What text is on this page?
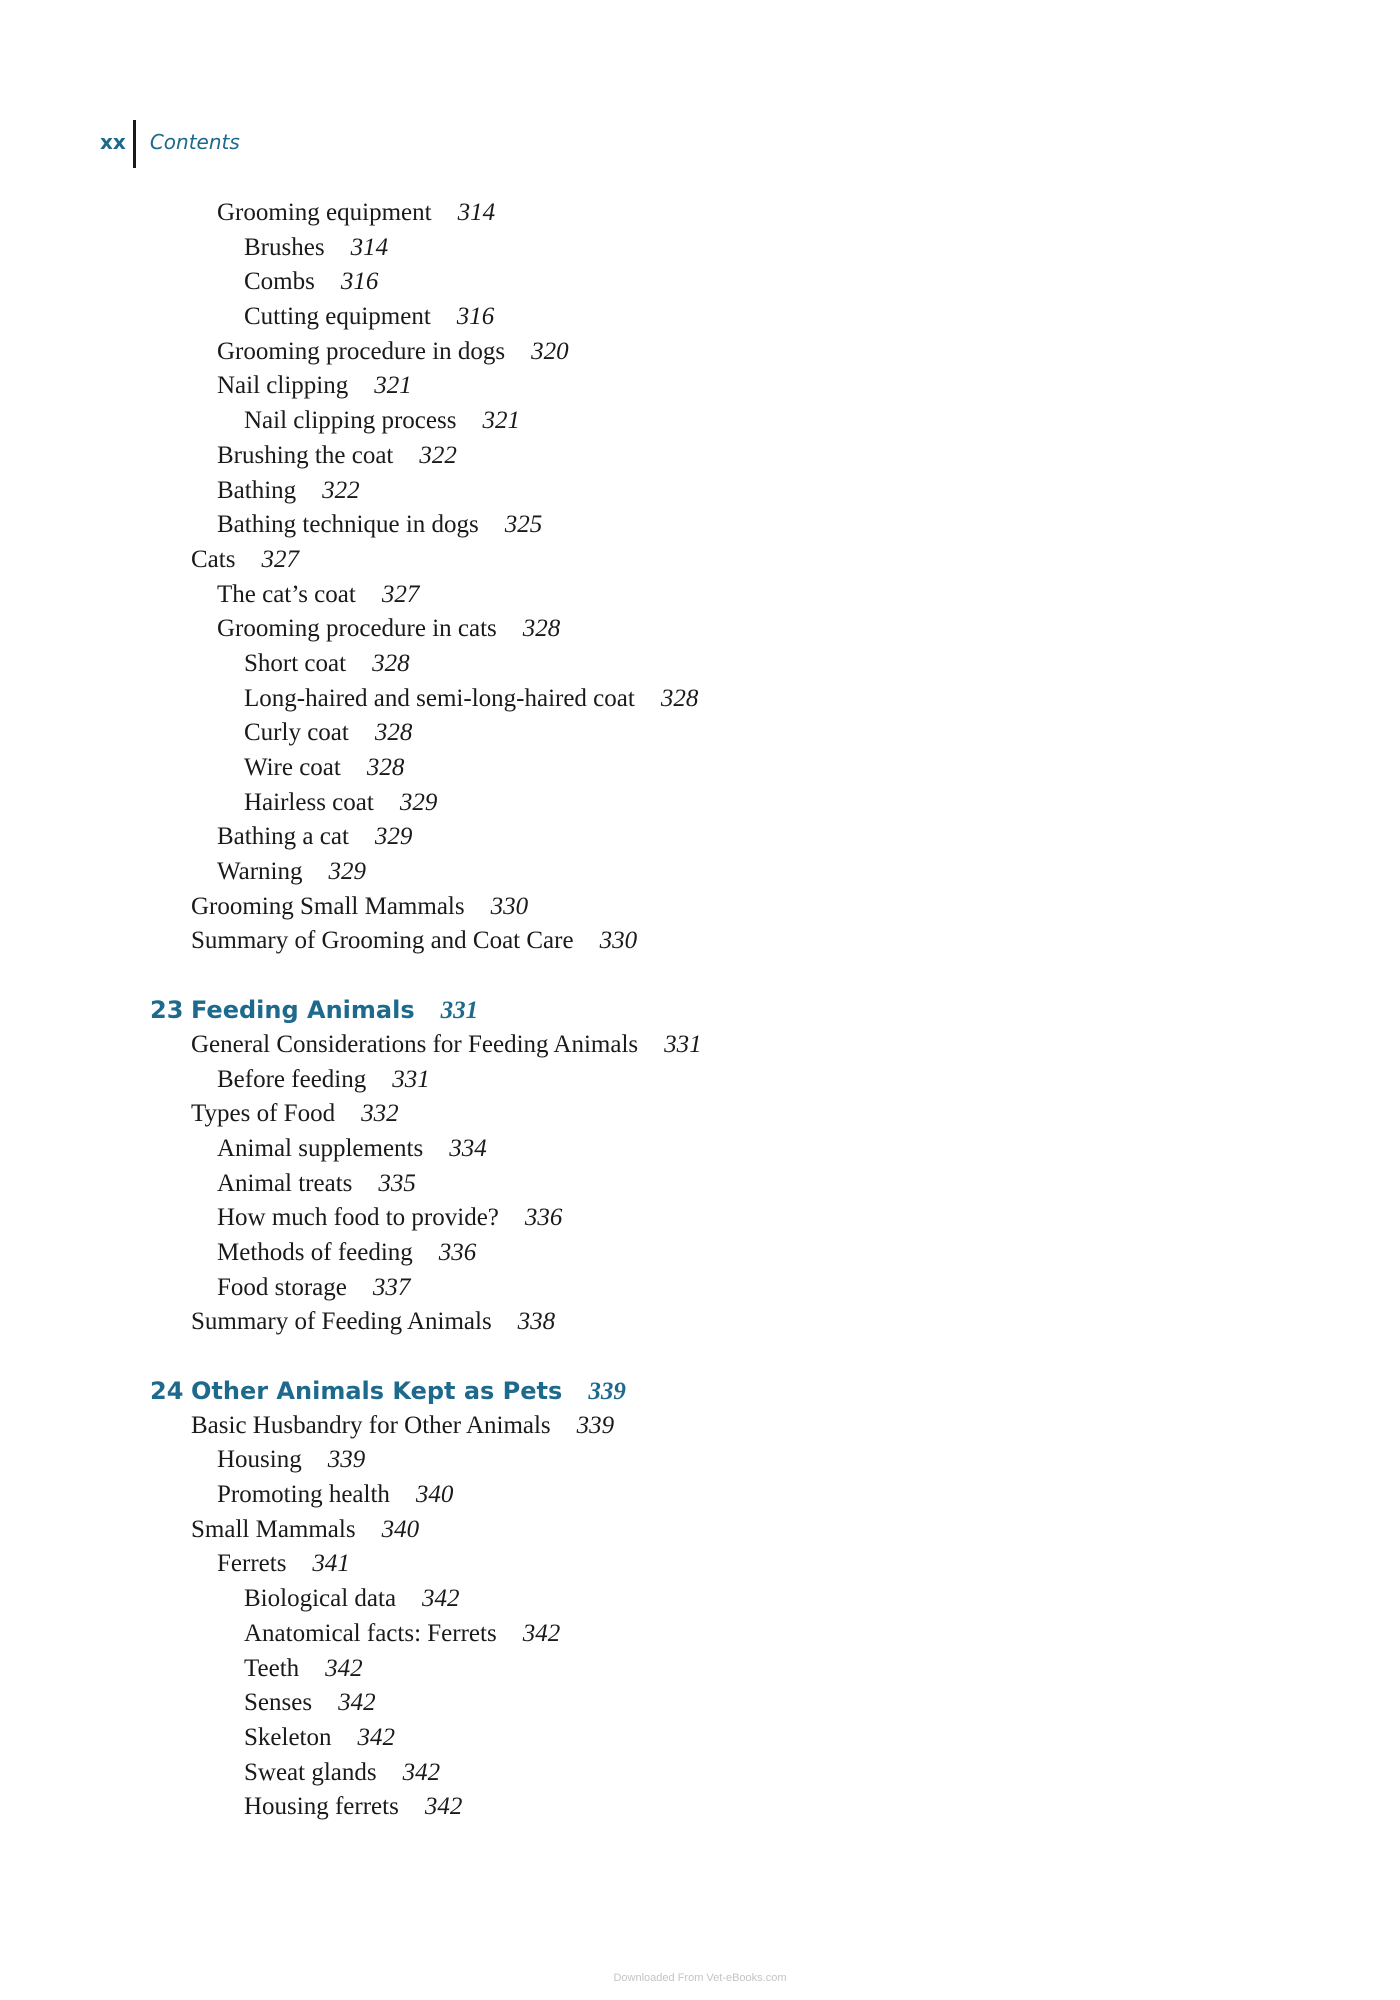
xx	Contents
Grooming equipment 314
Brushes 314
Combs 316
Cutting equipment 316
Grooming procedure in dogs 320
Nail clipping 321
Nail clipping process 321
Brushing the coat 322
Bathing 322
Bathing technique in dogs 325
Cats 327
The cat’s coat 327
Grooming procedure in cats 328
Short coat 328
Long-haired and semi-long-haired coat 328
Curly coat 328
Wire coat 328
Hairless coat 329
Bathing a cat 329
Warning 329
Grooming Small Mammals 330
Summary of Grooming and Coat Care 330
23 Feeding Animals 331
General Considerations for Feeding Animals 331
Before feeding 331
Types of Food 332
Animal supplements 334
Animal treats 335
How much food to provide? 336
Methods of feeding 336
Food storage 337
Summary of Feeding Animals 338
24 Other Animals Kept as Pets 339
Basic Husbandry for Other Animals 339
Housing 339
Promoting health 340
Small Mammals 340
Ferrets 341
Biological data 342
Anatomical facts: Ferrets 342
Teeth 342
Senses 342
Skeleton 342
Sweat glands 342
Housing ferrets 342
Downloaded From Vet-eBooks.com
